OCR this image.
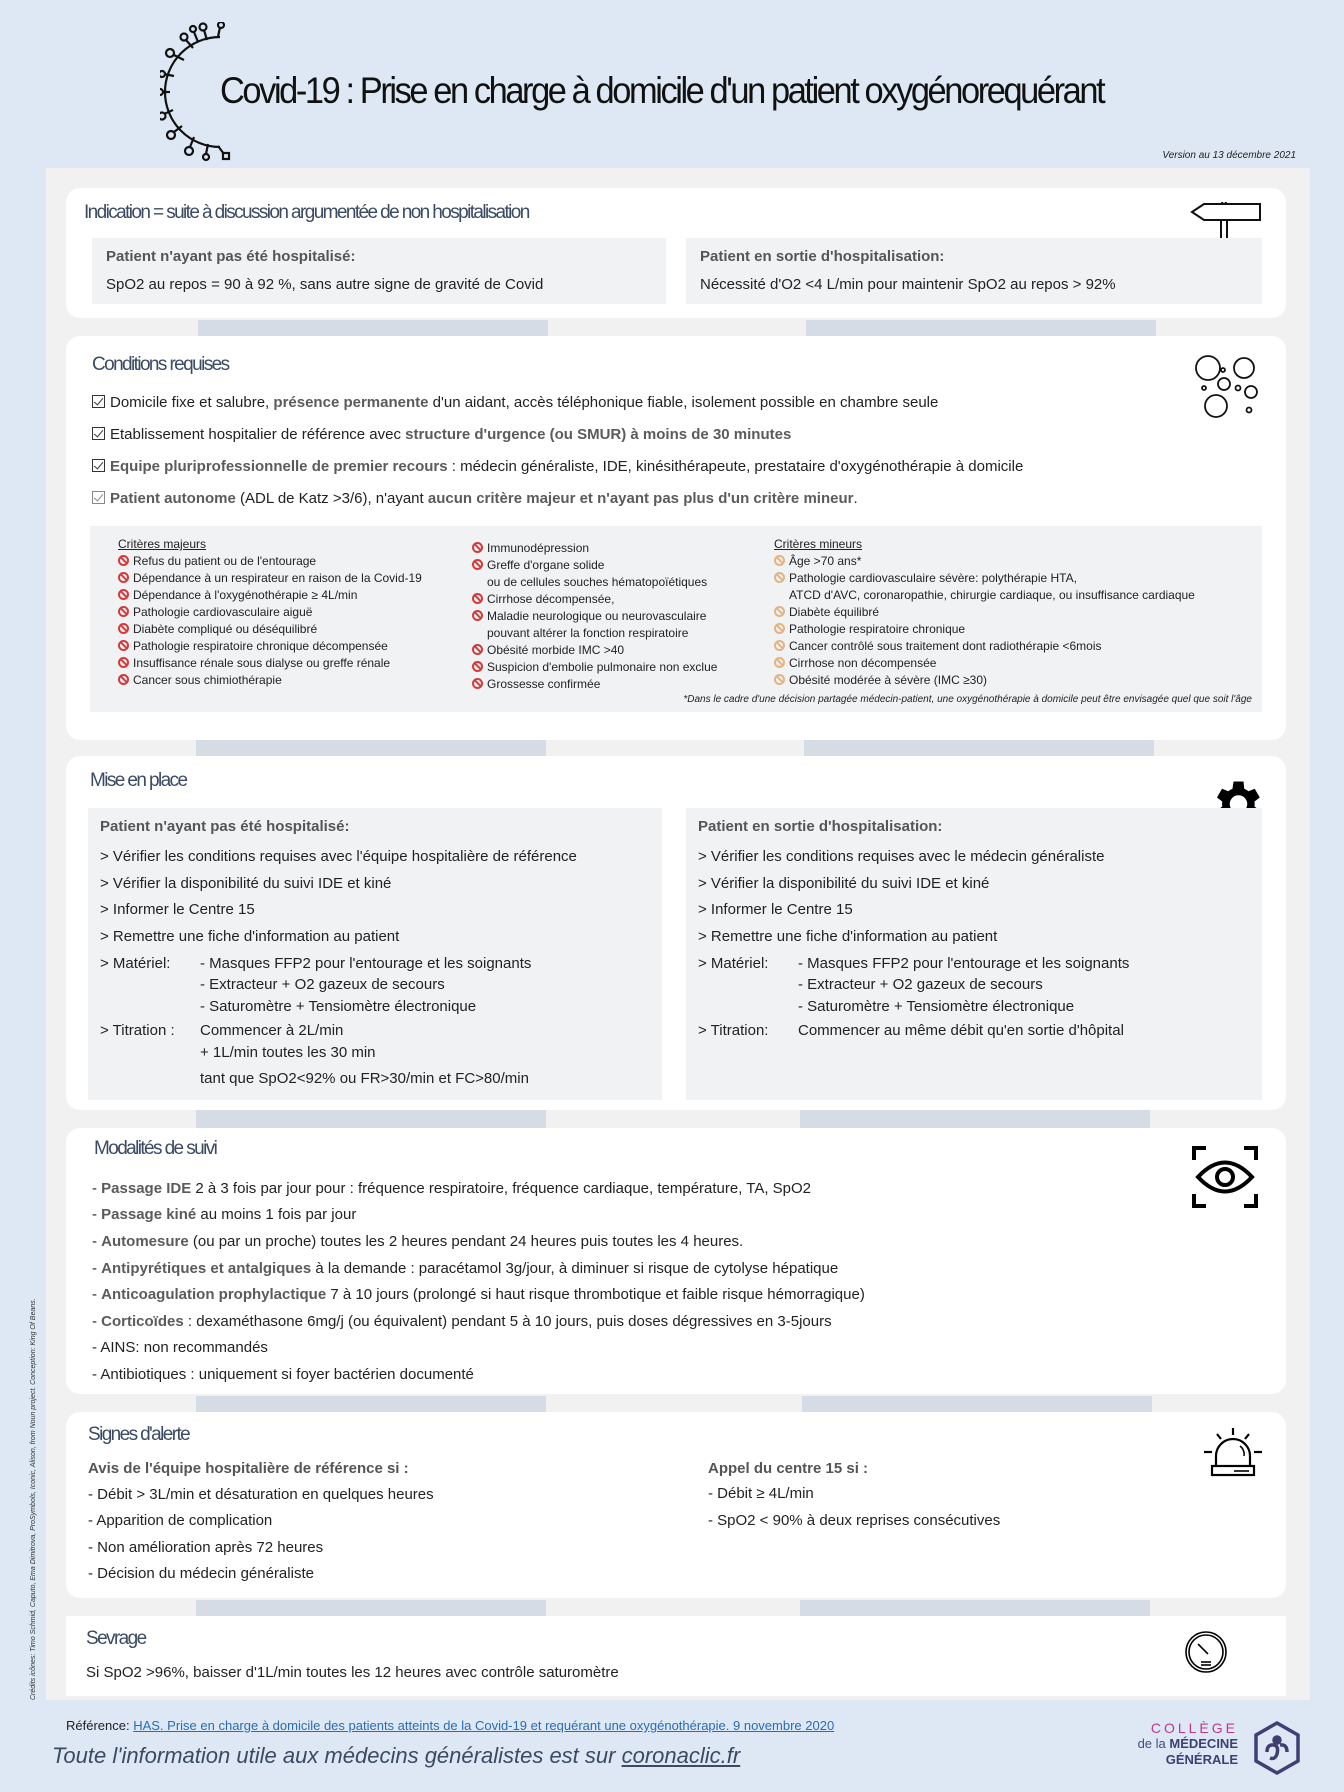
Covid-19 : Prise en charge à domicile d'un patient oxygénorequérant
Version au 13 décembre 2021
Indication = suite à discussion argumentée de non hospitalisation
Patient n'ayant pas été hospitalisé:
SpO2 au repos = 90 à 92 %, sans autre signe de gravité de Covid
Patient en sortie d'hospitalisation:
Nécessité d'O2 <4 L/min pour maintenir SpO2 au repos > 92%
Conditions requises
Domicile fixe et salubre, présence permanente d'un aidant, accès téléphonique fiable, isolement possible en chambre seule
Etablissement hospitalier de référence avec structure d'urgence (ou SMUR) à moins de 30 minutes
Equipe pluriprofessionnelle de premier recours : médecin généraliste, IDE, kinésithérapeute, prestataire d'oxygénothérapie à domicile
Patient autonome (ADL de Katz >3/6), n'ayant aucun critère majeur et n'ayant pas plus d'un critère mineur.
Critères majeurs
Refus du patient ou de l'entourage
Dépendance à un respirateur en raison de la Covid-19
Dépendance à l'oxygénothérapie ≥ 4L/min
Pathologie cardiovasculaire aiguë
Diabète compliqué ou déséquilibré
Pathologie respiratoire chronique décompensée
Insuffisance rénale sous dialyse ou greffe rénale
Cancer sous chimiothérapie
Immunodépression
Greffe d'organe solide
ou de cellules souches hématopoïétiques
Cirrhose décompensée,
Maladie neurologique ou neurovasculaire
pouvant altérer la fonction respiratoire
Obésité morbide IMC >40
Suspicion d'embolie pulmonaire non exclue
Grossesse confirmée
Critères mineurs
Âge >70 ans*
Pathologie cardiovasculaire sévère: polythérapie HTA,
ATCD d'AVC, coronaropathie, chirurgie cardiaque, ou insuffisance cardiaque
Diabète équilibré
Pathologie respiratoire chronique
Cancer contrôlé sous traitement dont radiothérapie <6mois
Cirrhose non décompensée
Obésité modérée à sévère (IMC ≥30)
*Dans le cadre d'une décision partagée médecin-patient, une oxygénothérapie à domicile peut être envisagée quel que soit l'âge
Mise en place
Patient n'ayant pas été hospitalisé:
> Vérifier les conditions requises avec l'équipe hospitalière de référence
> Vérifier la disponibilité du suivi IDE et kiné
> Informer le Centre 15
> Remettre une fiche d'information au patient
> Matériel: - Masques FFP2 pour l'entourage et les soignants
- Extracteur + O2 gazeux de secours
- Saturomètre + Tensiomètre électronique
> Titration : Commencer à 2L/min
+ 1L/min toutes les 30 min
tant que SpO2<92% ou FR>30/min et FC>80/min
Patient en sortie d'hospitalisation:
> Vérifier les conditions requises avec le médecin généraliste
> Vérifier la disponibilité du suivi IDE et kiné
> Informer le Centre 15
> Remettre une fiche d'information au patient
> Matériel: - Masques FFP2 pour l'entourage et les soignants
- Extracteur + O2 gazeux de secours
- Saturomètre + Tensiomètre électronique
> Titration: Commencer au même débit qu'en sortie d'hôpital
Modalités de suivi
- Passage IDE 2 à 3 fois par jour pour : fréquence respiratoire, fréquence cardiaque, température, TA, SpO2
- Passage kiné au moins 1 fois par jour
- Automesure (ou par un proche) toutes les 2 heures pendant 24 heures puis toutes les 4 heures.
- Antipyrétiques et antalgiques à la demande : paracétamol 3g/jour, à diminuer si risque de cytolyse hépatique
- Anticoagulation prophylactique 7 à 10 jours (prolongé si haut risque thrombotique et faible risque hémorragique)
- Corticoïdes : dexaméthasone 6mg/j (ou équivalent) pendant 5 à 10 jours, puis doses dégressives en 3-5jours
- AINS: non recommandés
- Antibiotiques : uniquement si foyer bactérien documenté
Signes d'alerte
Avis de l'équipe hospitalière de référence si :
- Débit > 3L/min et désaturation en quelques heures
- Apparition de complication
- Non amélioration après 72 heures
- Décision du médecin généraliste
Appel du centre 15 si :
- Débit ≥ 4L/min
- SpO2 < 90% à deux reprises consécutives
Sevrage
Si SpO2 >96%, baisser d'1L/min toutes les 12 heures avec contrôle saturomètre
Crédits icônes: Timo Schmid, Caputo, Ema Dimitrova, ProSymbols, Iconic, Alison, from Noun project. Conception: King Of Beans.
Référence: HAS. Prise en charge à domicile des patients atteints de la Covid-19 et requérant une oxygénothérapie. 9 novembre 2020
Toute l'information utile aux médecins généralistes est sur coronaclic.fr
COLLÈGE
de la MÉDECINE
GÉNÉRALE
